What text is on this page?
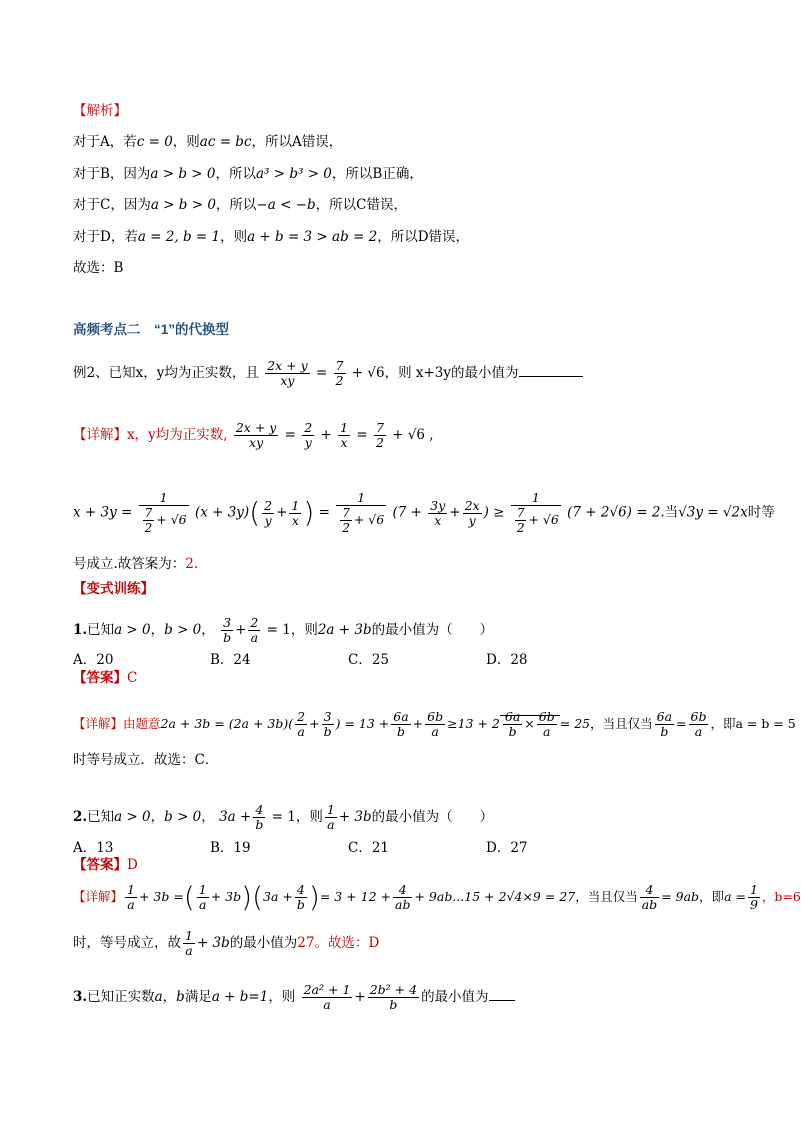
【解析】
对于A，若c = 0，则ac = bc，所以A错误，
对于B，因为a > b > 0，所以a³ > b³ > 0，所以B正确，
对于C，因为a > b > 0，所以−a < −b，所以C错误，
对于D，若a = 2, b = 1，则a + b = 3 > ab = 2，所以D错误，
故选：B
高频考点二　“1”的代换型
例2、已知x，y均为正实数，且 $\frac{2x + y}{xy} = \frac{7}{2} + √6$，则 x+3y的最小值为
【详解】x，y均为正实数, $\frac{2x + y}{xy} = \frac{2}{y} + \frac{1}{x} = \frac{7}{2} + √6$ ,
$x + 3y = \frac{1}{\frac{7}{2} + √6} (x + 3y)( \frac{2}{y} + \frac{1}{x}$ ) = $\frac{1}{\frac{7}{2} + √6} (7 + \frac{3y}{x} + \frac{2x}{y}$ ) ≥ $\frac{1}{\frac{7}{2} + √6} (7 + 2√6) = 2$.当√3y = √2x时等
号成立.故答案为：2.
【变式训练】
1.已知a > 0，b > 0， $\frac{3}{b} + \frac{2}{a} = 1$，则2a + 3b的最小值为（　　）
A．20	B．24	C．25	D．28
【答案】C
【详解】由题意$2a + 3b = (2a + 3b)( \frac{2}{a} + \frac{3}{b}$ ) = $13 + \frac{6a}{b} + \frac{6b}{a} \ge 13 + 2 \frac{6a}{b} \times \frac{6b}{a} = 25$，当且仅当 $\frac{6a}{b} = \frac{6b}{a}$ ，即a = b = 5
时等号成立．故选：C．
2.已知a > 0，b > 0， $3a + \frac{4}{b} = 1$，则 $\frac{1}{a} + 3b$的最小值为（　　）
A．13	B．19	C．21	D．27
【答案】D
【详解】 $\frac{1}{a} + 3b$ =( $\frac{1}{a} + 3b)(3a + \frac{4}{b}$ )= $3 + 12 + \frac{4}{ab} + 9ab...15 + 2√4\times 9 = 27$，当且仅当 $\frac{4}{ab} = 9ab$，即$a = \frac{1}{9}$ ，b=6
时，等号成立，故 $\frac{1}{a} + 3b$的最小值为27。故选：D
3.已知正实数a，b满足a + b=1，则 $\frac{\text{2a² + 1}}{a} + \frac{\text{2b² + 4}}{b}$ 的最小值为
